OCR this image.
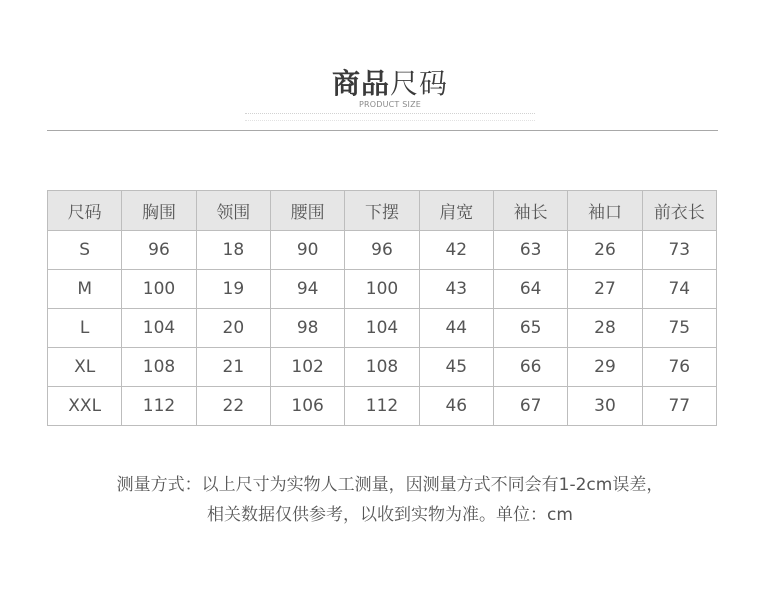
商品尺码
PRODUCT SIZE
尺码	胸围	领围	腰围	下摆	肩宽	袖长	袖口	前衣长
S	96	18	90	96	42	63	26	73
M	100	19	94	100	43	64	27	74
L	104	20	98	104	44	65	28	75
XL	108	21	102	108	45	66	29	76
XXL	112	22	106	112	46	67	30	77
测量方式：以上尺寸为实物人工测量，因测量方式不同会有1-2cm误差，
相关数据仅供参考，以收到实物为准。单位：cm
